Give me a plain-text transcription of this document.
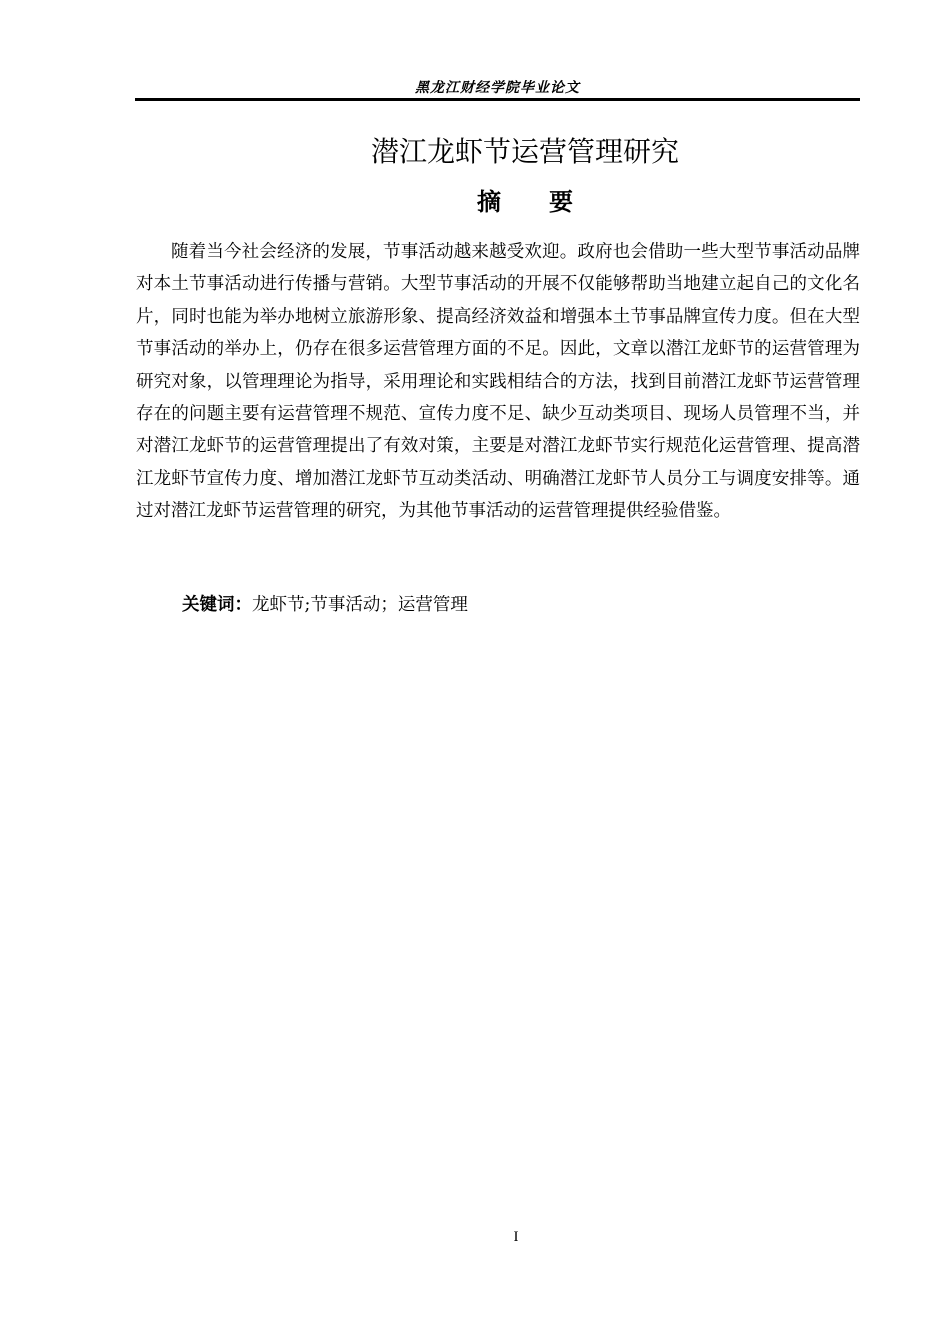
黑龙江财经学院毕业论文
潜江龙虾节运营管理研究
摘要

随着当今社会经济的发展，节事活动越来越受欢迎。政府也会借助一些大型节事活动品牌对本土节事活动进行传播与营销。大型节事活动的开展不仅能够帮助当地建立起自己的文化名片，同时也能为举办地树立旅游形象、提高经济效益和增强本土节事品牌宣传力度。但在大型节事活动的举办上，仍存在很多运营管理方面的不足。因此，文章以潜江龙虾节的运营管理为研究对象，以管理理论为指导，采用理论和实践相结合的方法，找到目前潜江龙虾节运营管理存在的问题主要有运营管理不规范、宣传力度不足、缺少互动类项目、现场人员管理不当，并对潜江龙虾节的运营管理提出了有效对策，主要是对潜江龙虾节实行规范化运营管理、提高潜江龙虾节宣传力度、增加潜江龙虾节互动类活动、明确潜江龙虾节人员分工与调度安排等。通过对潜江龙虾节运营管理的研究，为其他节事活动的运营管理提供经验借鉴。

关键词：龙虾节;节事活动；运营管理
I
